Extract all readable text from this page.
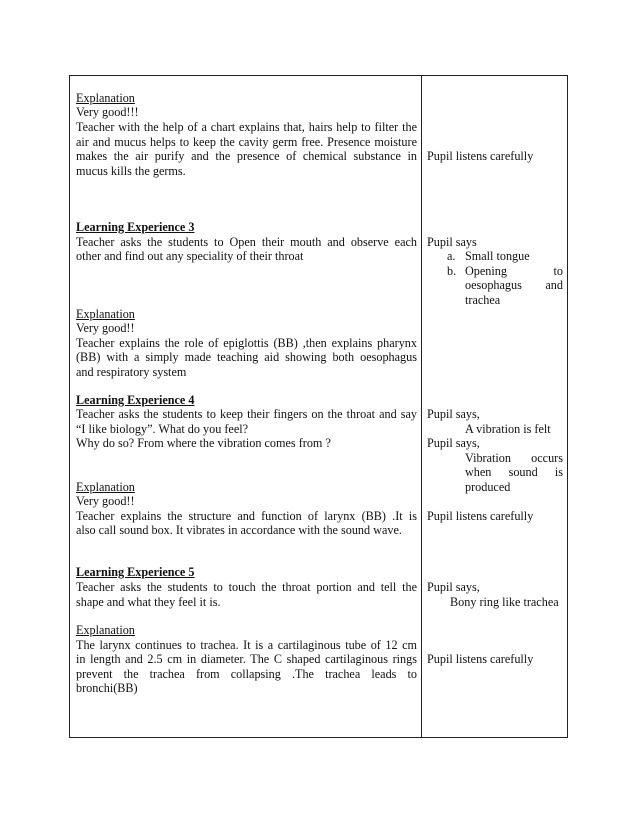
Explanation
Very good!!!
Teacher with the help of a chart explains that, hairs help to filter the
air and mucus helps to keep the cavity germ free. Presence moisture
makes the air purify and the presence of chemical substance in
mucus kills the germs.
Learning Experience 3
Teacher asks the students to Open their mouth and observe each
other and find out any speciality of their throat
Explanation
Very good!!
Teacher explains the role of epiglottis (BB) ,then explains pharynx
(BB) with a simply made teaching aid showing both oesophagus
and respiratory system
Learning Experience 4
Teacher asks the students to keep their fingers on the throat and say
“I like biology”. What do you feel?
Why do so? From where the vibration comes from ?
Explanation
Very good!!
Teacher explains the structure and function of larynx (BB) .It is
also call sound box. It vibrates in accordance with the sound wave.
Learning Experience 5
Teacher asks the students to touch the throat portion and tell the
shape and what they feel it is.
Explanation
The larynx continues to trachea. It is a cartilaginous tube of 12 cm
in length and 2.5 cm in diameter. The C shaped cartilaginous rings
prevent the trachea from collapsing .The trachea leads to
bronchi(BB)
Pupil listens carefully
Pupil says
a. Small tongue
b. Opening to
oesophagus and
trachea
Pupil says,
A vibration is felt
Pupil says,
Vibration occurs
when sound is
produced
Pupil listens carefully
Pupil says,
Bony ring like trachea
Pupil listens carefully
